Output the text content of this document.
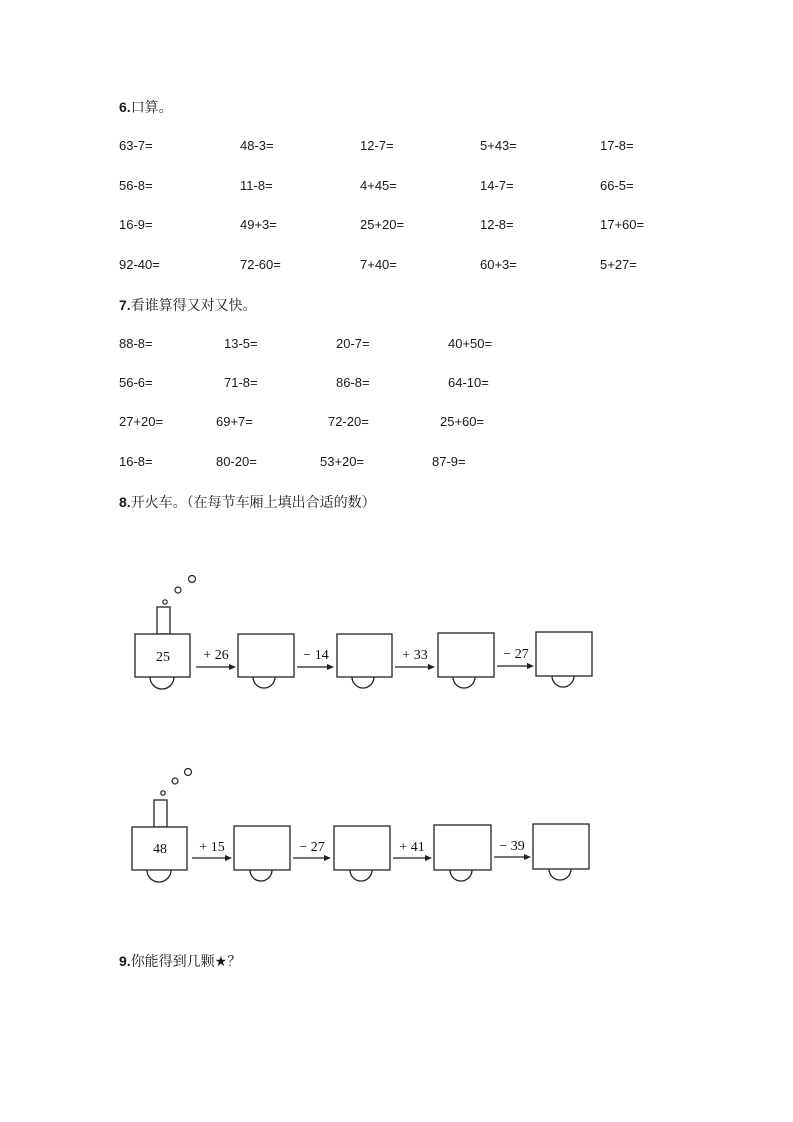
6.口算。
63-7=	48-3=	12-7=	5+43=	17-8=
56-8=	11-8=	4+45=	14-7=	66-5=
16-9=	49+3=	25+20=	12-8=	17+60=
92-40=	72-60=	7+40=	60+3=	5+27=
7.看谁算得又对又快。
88-8=	13-5=	20-7=	40+50=
56-6=	71-8=	86-8=	64-10=
27+20=	69+7=	72-20=	25+60=
16-8=	80-20=	53+20=	87-9=
8.开火车。（在每节车厢上填出合适的数）
25 + 26	− 14	+ 33	− 27
48 + 15	− 27	+ 41	− 39
9.你能得到几颗★？
